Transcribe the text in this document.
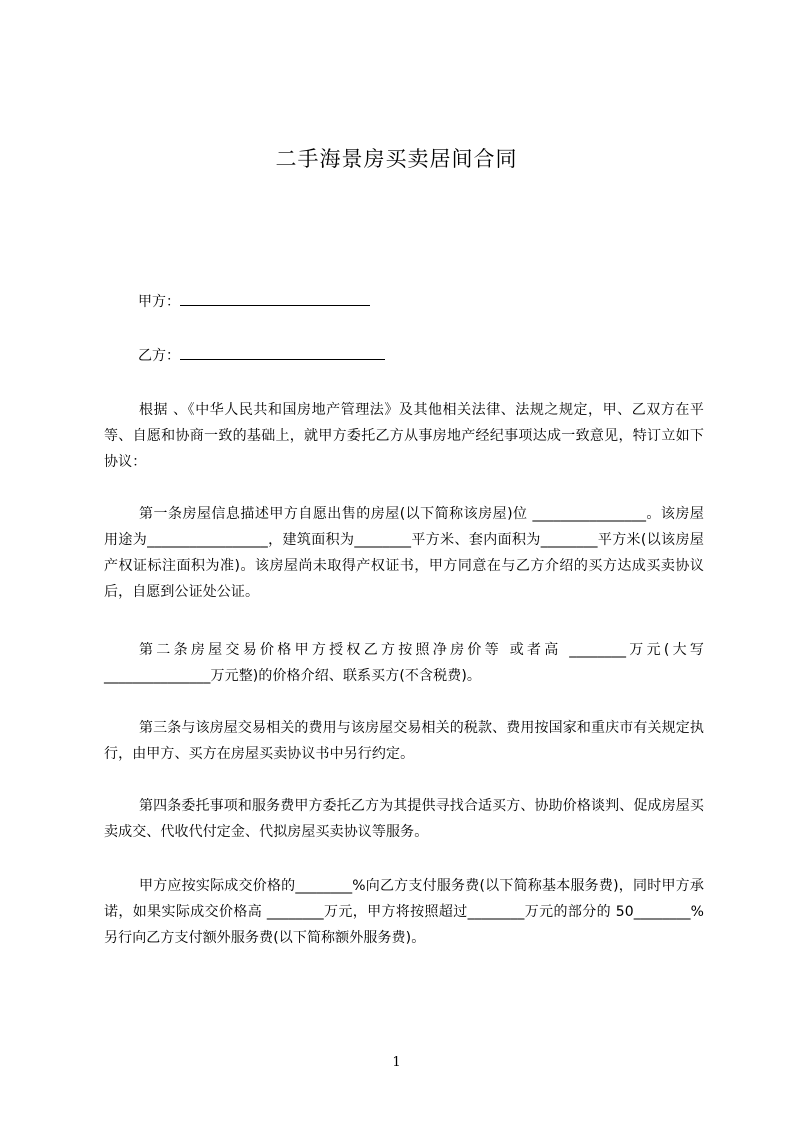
二手海景房买卖居间合同
甲方：
乙方：

根据 、《中华人民共和国房地产管理法》及其他相关法律、法规之规定，甲、乙双方在平等、自愿和协商一致的基础上，就甲方委托乙方从事房地产经纪事项达成一致意见，特订立如下协议：

第一条房屋信息描述甲方自愿出售的房屋(以下简称该房屋)位 ________________。该房屋用途为_________________，建筑面积为________平方米、套内面积为________平方米(以该房屋产权证标注面积为准)。该房屋尚未取得产权证书，甲方同意在与乙方介绍的买方达成买卖协议后，自愿到公证处公证。

第二条房屋交易价格甲方授权乙方按照净房价等 或者高 ________万元(大写_______________万元整)的价格介绍、联系买方(不含税费)。

第三条与该房屋交易相关的费用与该房屋交易相关的税款、费用按国家和重庆市有关规定执行，由甲方、买方在房屋买卖协议书中另行约定。

第四条委托事项和服务费甲方委托乙方为其提供寻找合适买方、协助价格谈判、促成房屋买卖成交、代收代付定金、代拟房屋买卖协议等服务。

甲方应按实际成交价格的________%向乙方支付服务费(以下简称基本服务费)，同时甲方承诺，如果实际成交价格高 ________万元，甲方将按照超过________万元的部分的 50________%另行向乙方支付额外服务费(以下简称额外服务费)。

1
